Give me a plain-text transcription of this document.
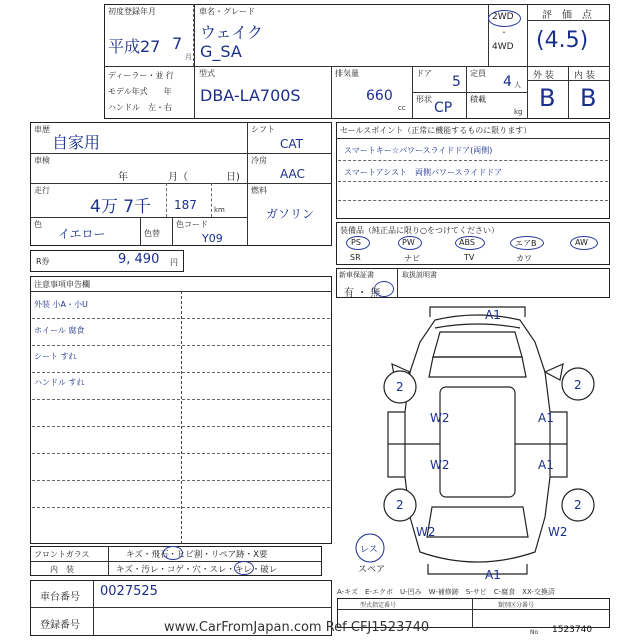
初度登録年月
平成27 7
月
車名・グレード
ウェイク
G_SA
2WD
・
4WD
評　価　点
(4.5)
ディーラー・並 行
モデル年式　　年
ハンドル　左・右
型式
DBA-LA700S
排気量
660
cc
ドア
5
定員
4 人
形状
CP
積載
kg
外 装 内 装
B B
車歴
自家用
車検
年	月（	日)
走行
4万 7千 187 km
色
イエロー	色替
色コード
Y09
シフト
CAT
冷房
AAC
燃料
ガソリン
R券	9, 490 円
セールスポイント（正常に機能するものに限ります）
スマートキー☆パワースライドドア(両側)
スマートアシスト　両側パワースライドドア
装備品（純正品に限り○をつけてください）
PS	PW	ABS	エアB	AW
SR	ナビ	TV	カワ
新車保証書
有 ・ 無
取扱説明書
注意事項申告欄
外装 小A・小U
ホイール 腐食
シート すれ
ハンドル すれ
フロントガラス	キズ・飛石・ヒビ割・リペア跡・X要
内　装	キズ・汚レ・コゲ・穴・スレ・キレ・破レ
車台番号 0027525
登録番号
A1
2	2
W2	A1
W2	A1
2	2
W2	W2
A1
レス
スペア
A-キズ　E-エクボ　U-凹み　W-補修跡　S-サビ　C-腐食　XX-交換済
型式指定番号	類別区分番号
No 1523740
www.CarFromJapan.com Ref CFJ1523740
